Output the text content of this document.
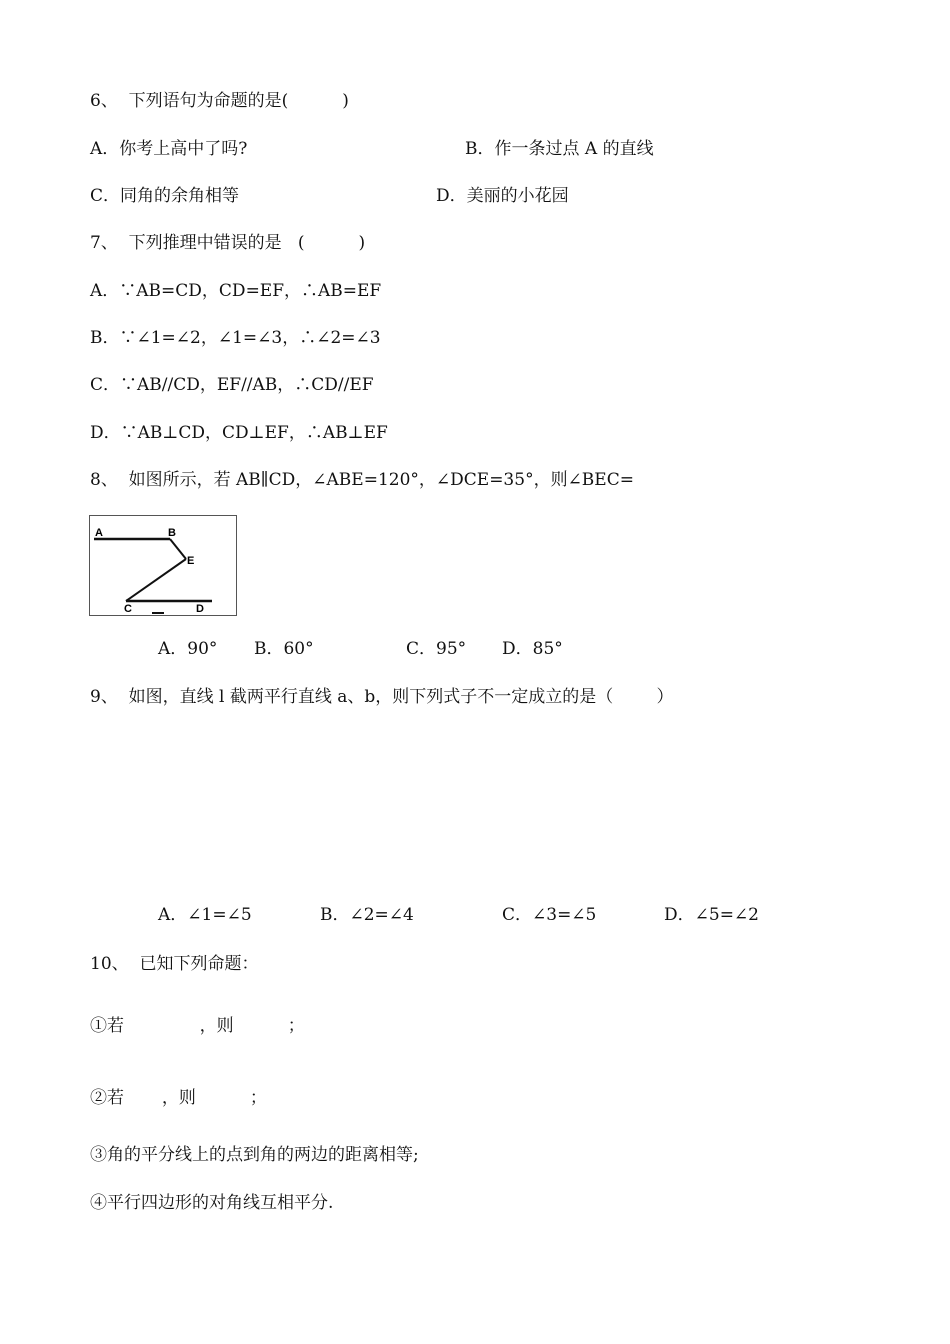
6、  下列语句为命题的是(          )
A．你考上高中了吗?	B．作一条过点 A 的直线
C．同角的余角相等	D．美丽的小花园
7、  下列推理中错误的是   (          )
A．∵AB=CD，CD=EF，∴AB=EF
B．∵∠1=∠2，∠1=∠3，∴∠2=∠3
C．∵AB//CD，EF//AB，∴CD//EF
D．∵AB⊥CD，CD⊥EF，∴AB⊥EF
8、  如图所示，若 AB∥CD，∠ABE=120°，∠DCE=35°，则∠BEC=
A	B
E
C	D
A．90° B．60°	C．95° D．85°
9、  如图，直线 l 截两平行直线 a、b，则下列式子不一定成立的是（        ）
A．∠1=∠5	B．∠2=∠4	C．∠3=∠5	D．∠5=∠2
10、  已知下列命题：
①若              ，则          ；
②若       ，则          ；
③角的平分线上的点到角的两边的距离相等;
④平行四边形的对角线互相平分.
